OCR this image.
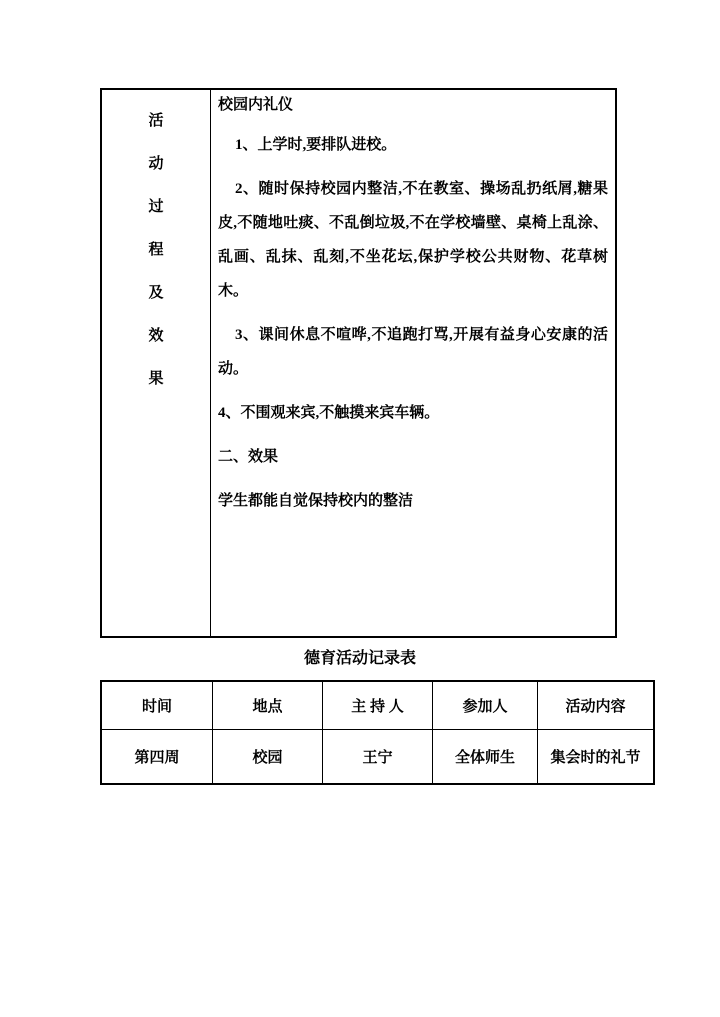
活
动
过
程
及
效
果

校园内礼仪

1、上学时,要排队进校。

2、随时保持校园内整洁,不在教室、操场乱扔纸屑,糖果皮,不随地吐痰、不乱倒垃圾,不在学校墙壁、桌椅上乱涂、乱画、乱抹、乱刻,不坐花坛,保护学校公共财物、花草树木。

3、课间休息不喧哗,不追跑打骂,开展有益身心安康的活动。

4、不围观来宾,不触摸来宾车辆。

二、效果

学生都能自觉保持校内的整洁

德育活动记录表
时间	地点	主 持 人	参加人	活动内容
第四周	校园	王宁	全体师生	集会时的礼节
